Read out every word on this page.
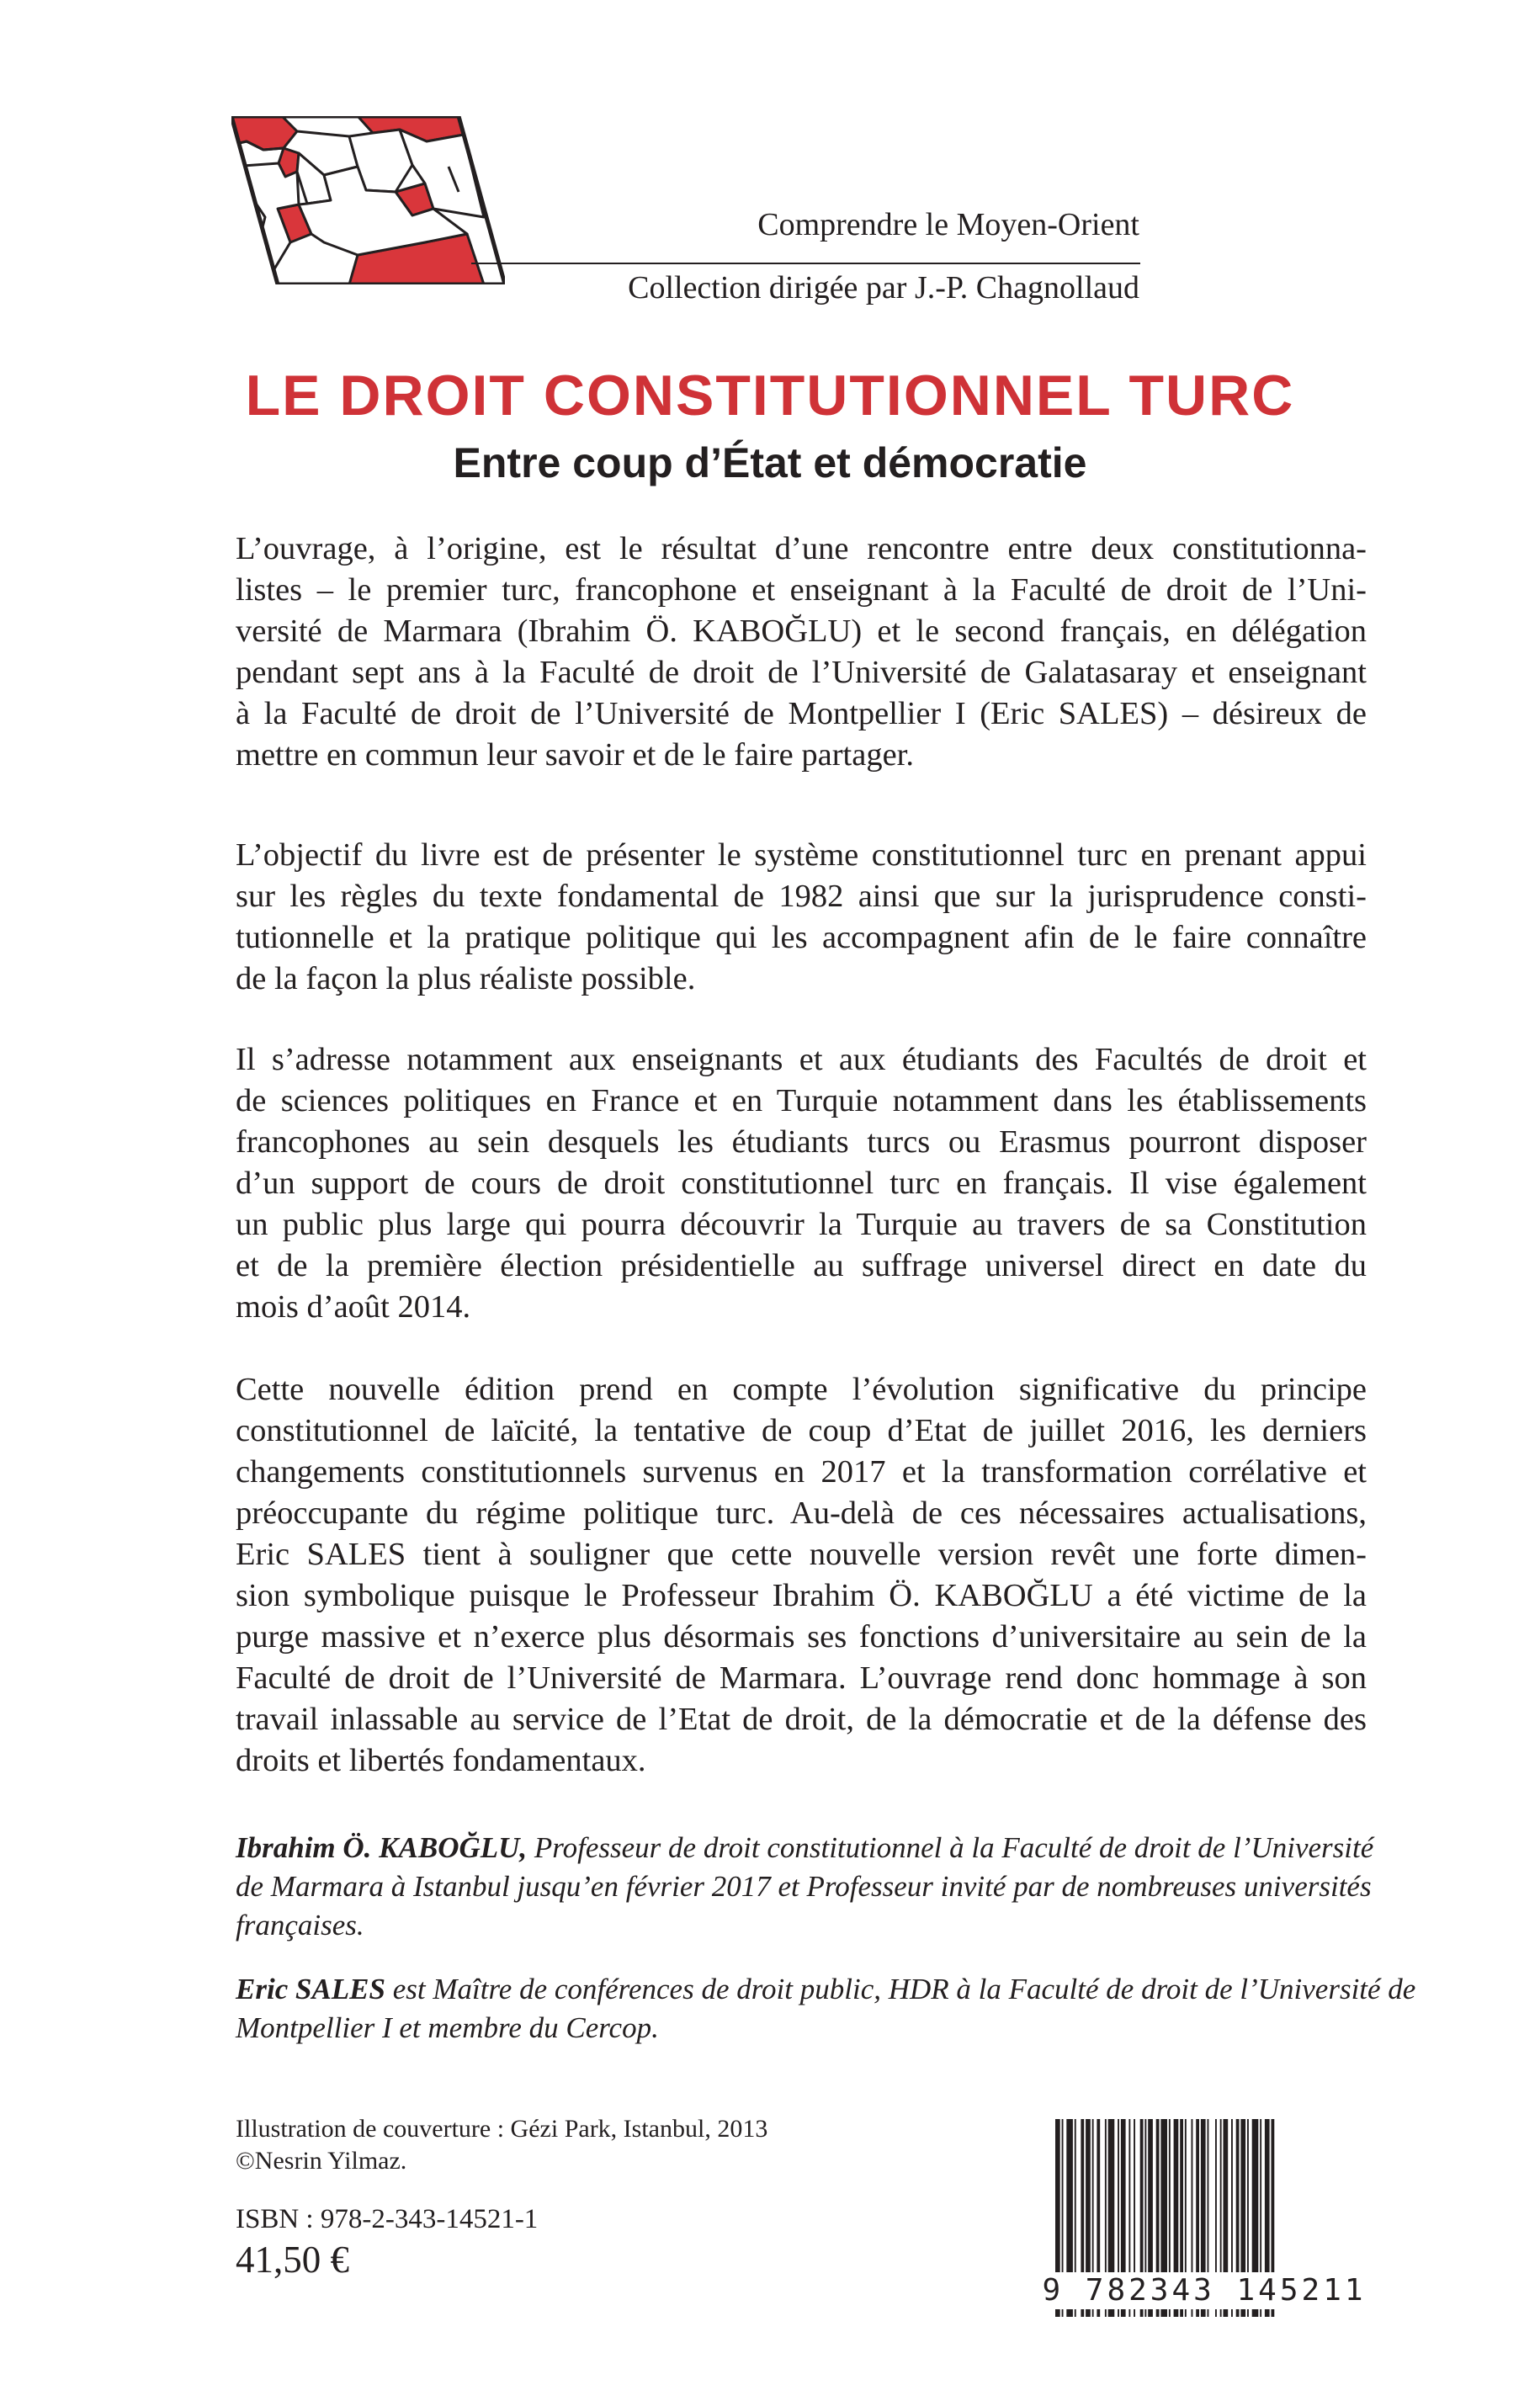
Comprendre le Moyen-Orient
Collection dirigée par J.-P. Chagnollaud
LE DROIT CONSTITUTIONNEL TURC
Entre coup d’État et démocratie
L’ouvrage, à l’origine, est le résultat d’une rencontre entre deux constitutionna-
listes – le premier turc, francophone et enseignant à la Faculté de droit de l’Uni-
versité de Marmara (Ibrahim Ö. KABOĞLU) et le second français, en délégation
pendant sept ans à la Faculté de droit de l’Université de Galatasaray et enseignant
à la Faculté de droit de l’Université de Montpellier I (Eric SALES) – désireux de
mettre en commun leur savoir et de le faire partager.
L’objectif du livre est de présenter le système constitutionnel turc en prenant appui
sur les règles du texte fondamental de 1982 ainsi que sur la jurisprudence consti-
tutionnelle et la pratique politique qui les accompagnent afin de le faire connaître
de la façon la plus réaliste possible.
Il s’adresse notamment aux enseignants et aux étudiants des Facultés de droit et
de sciences politiques en France et en Turquie notamment dans les établissements
francophones au sein desquels les étudiants turcs ou Erasmus pourront disposer
d’un support de cours de droit constitutionnel turc en français. Il vise également
un public plus large qui pourra découvrir la Turquie au travers de sa Constitution
et de la première élection présidentielle au suffrage universel direct en date du
mois d’août 2014.
Cette nouvelle édition prend en compte l’évolution significative du principe
constitutionnel de laïcité, la tentative de coup d’Etat de juillet 2016, les derniers
changements constitutionnels survenus en 2017 et la transformation corrélative et
préoccupante du régime politique turc. Au-delà de ces nécessaires actualisations,
Eric SALES tient à souligner que cette nouvelle version revêt une forte dimen-
sion symbolique puisque le Professeur Ibrahim Ö. KABOĞLU a été victime de la
purge massive et n’exerce plus désormais ses fonctions d’universitaire au sein de la
Faculté de droit de l’Université de Marmara. L’ouvrage rend donc hommage à son
travail inlassable au service de l’Etat de droit, de la démocratie et de la défense des
droits et libertés fondamentaux.
Ibrahim Ö. KABOĞLU, Professeur de droit constitutionnel à la Faculté de droit de l’Université
de Marmara à Istanbul jusqu’en février 2017 et Professeur invité par de nombreuses universités
françaises.
Eric SALES est Maître de conférences de droit public, HDR à la Faculté de droit de l’Université de
Montpellier I et membre du Cercop.
Illustration de couverture : Gézi Park, Istanbul, 2013
©Nesrin Yilmaz.
ISBN : 978-2-343-14521-1
41,50 €
9 782343 145211
